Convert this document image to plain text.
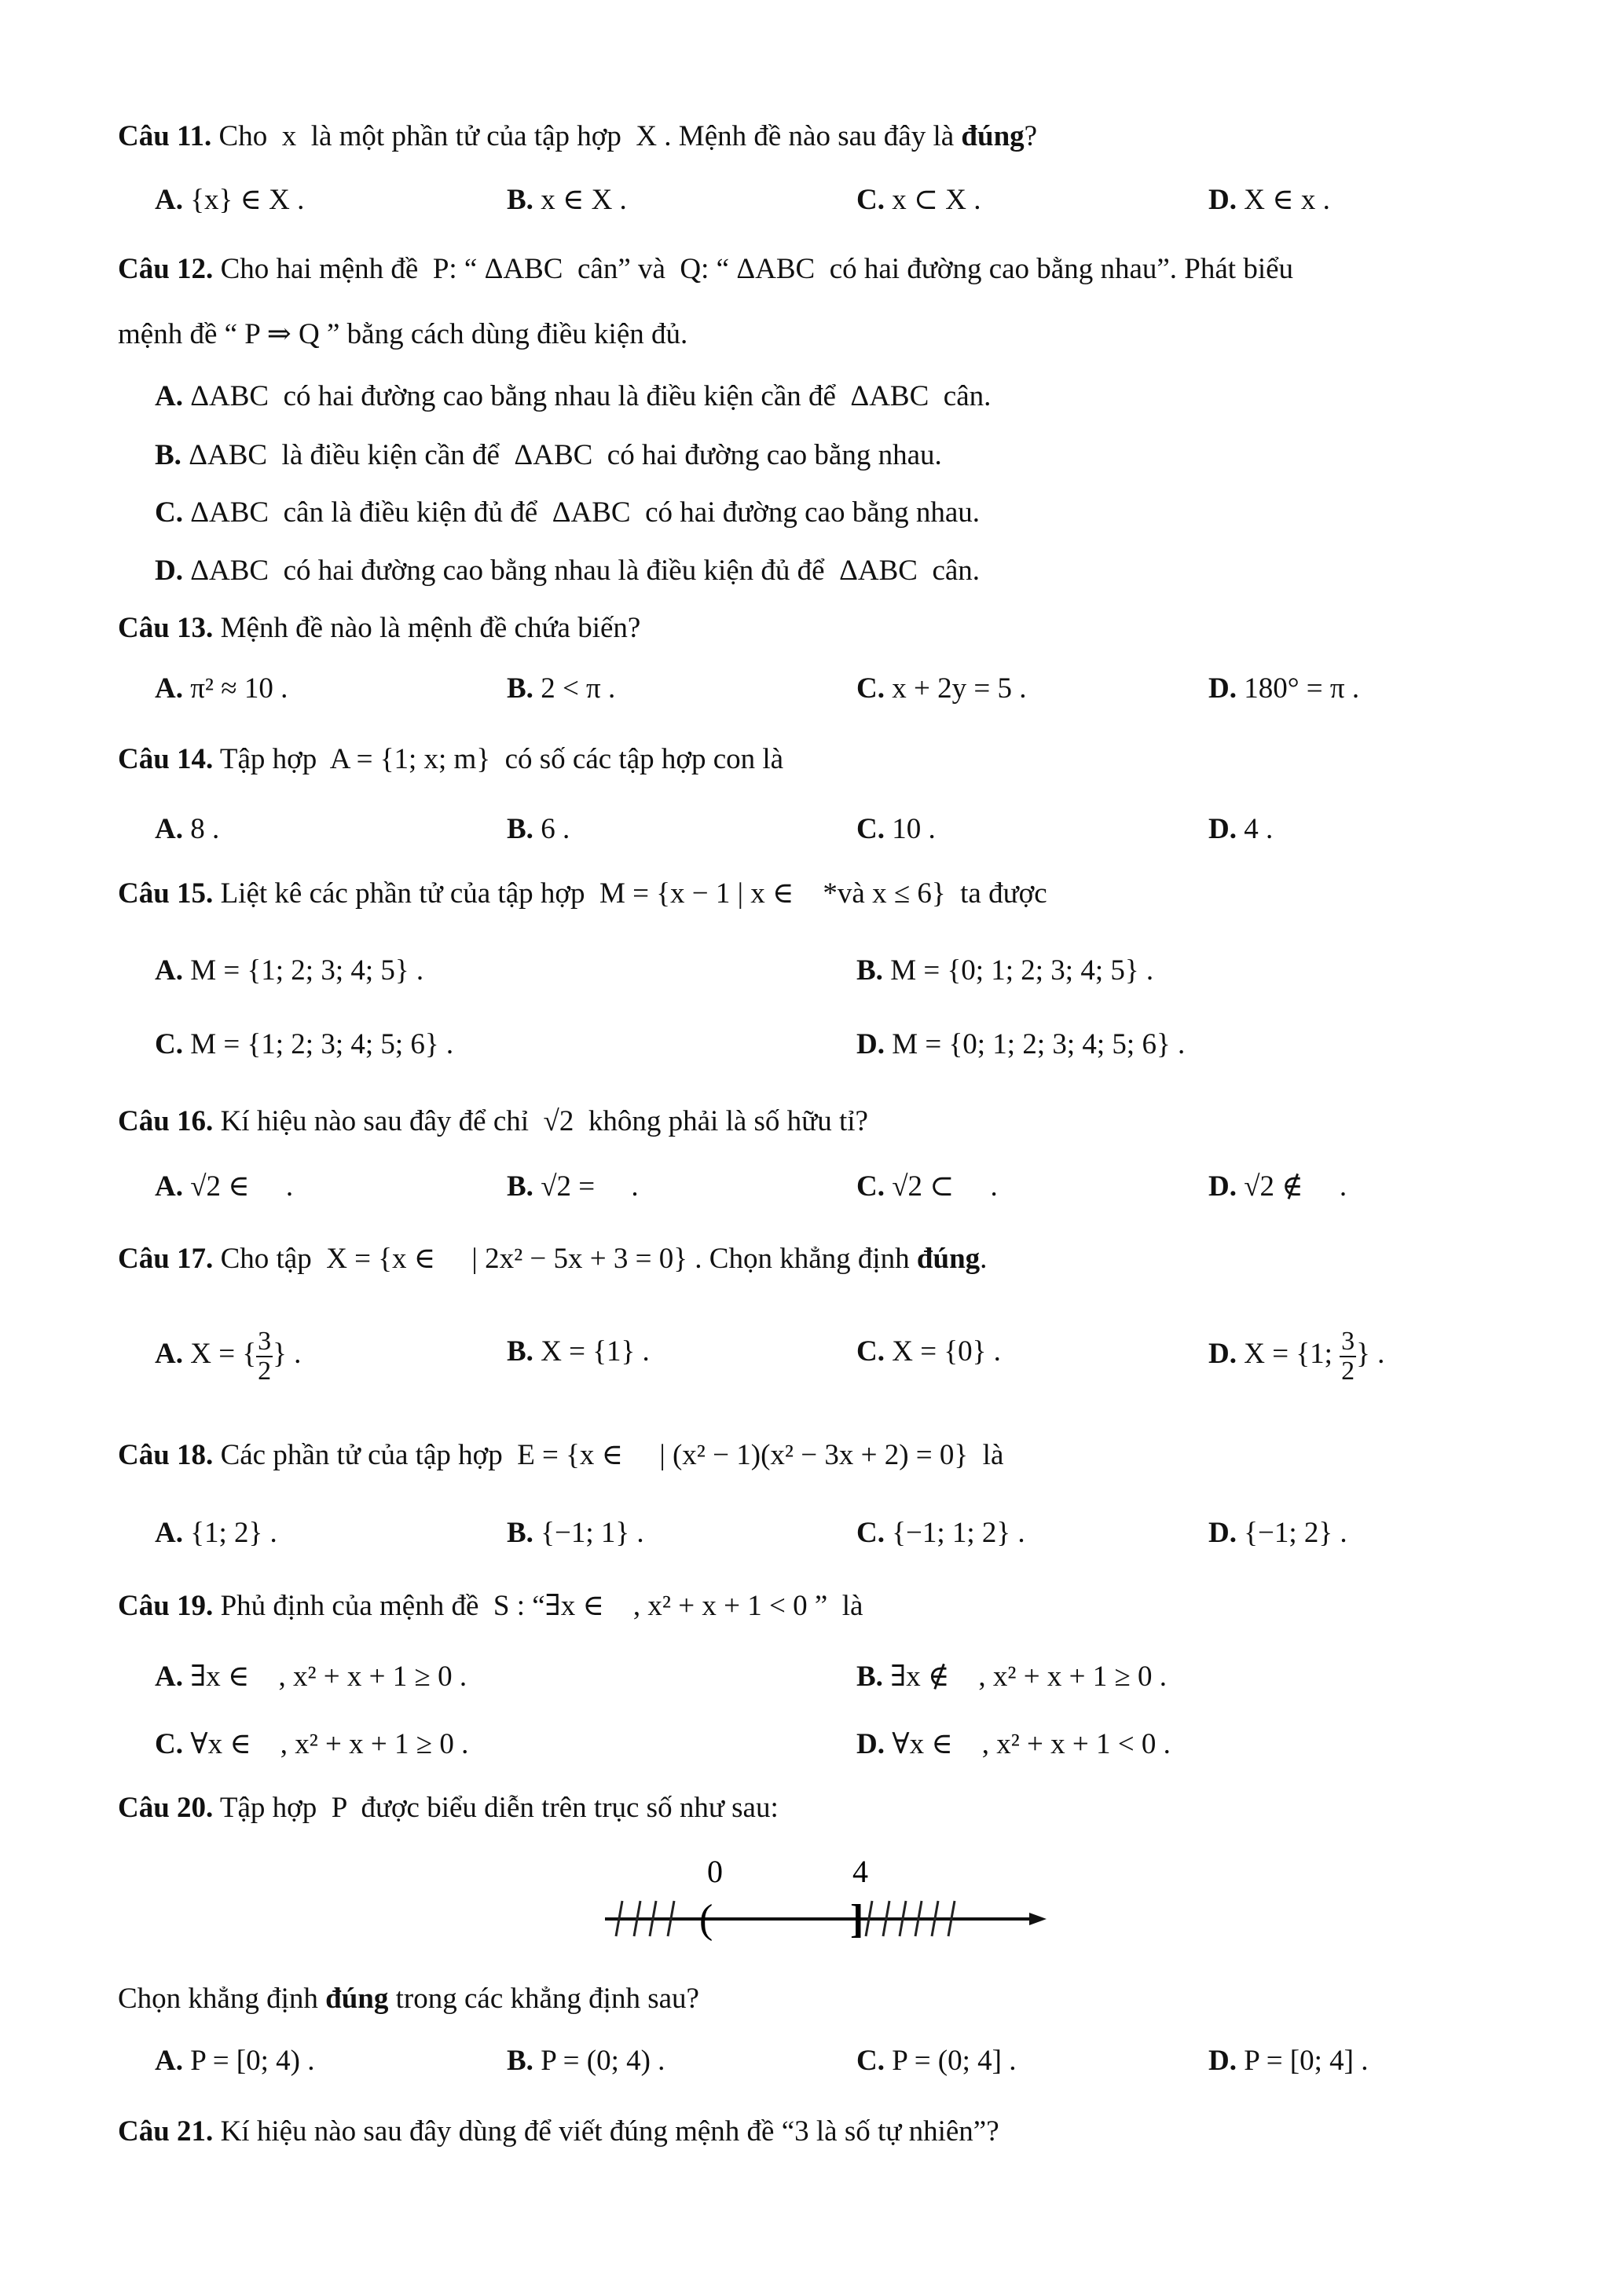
Câu 11. Cho  x  là một phần tử của tập hợp  X . Mệnh đề nào sau đây là đúng?
A. {x} ∈ X .	B. x ∈ X .	C. x ⊂ X .	D. X ∈ x .
Câu 12. Cho hai mệnh đề  P: “ ΔABC  cân” và  Q: “ ΔABC  có hai đường cao bằng nhau”. Phát biểu
mệnh đề “ P ⇒ Q ” bằng cách dùng điều kiện đủ.
A. ΔABC  có hai đường cao bằng nhau là điều kiện cần để  ΔABC  cân.
B. ΔABC  là điều kiện cần để  ΔABC  có hai đường cao bằng nhau.
C. ΔABC  cân là điều kiện đủ để  ΔABC  có hai đường cao bằng nhau.
D. ΔABC  có hai đường cao bằng nhau là điều kiện đủ để  ΔABC  cân.
Câu 13. Mệnh đề nào là mệnh đề chứa biến?
A. π² ≈ 10 .	B. 2 < π .	C. x + 2y = 5 .	D. 180° = π .
Câu 14. Tập hợp  A = {1; x; m}  có số các tập hợp con là
A. 8 .	B. 6 .	C. 10 .	D. 4 .
Câu 15. Liệt kê các phần tử của tập hợp  M = {x − 1 | x ∈    *và x ≤ 6}  ta được
A. M = {1; 2; 3; 4; 5} .	B. M = {0; 1; 2; 3; 4; 5} .
C. M = {1; 2; 3; 4; 5; 6} .	D. M = {0; 1; 2; 3; 4; 5; 6} .
Câu 16. Kí hiệu nào sau đây để chỉ  √2  không phải là số hữu tỉ?
A. √2 ∈     .	B. √2 =     .	C. √2 ⊂     .	D. √2 ∉     .
Câu 17. Cho tập  X = {x ∈     | 2x² − 5x + 3 = 0} . Chọn khẳng định đúng.
A. X = { $\frac{3}{2}$ } .	B. X = {1} .	C. X = {0} .	D. X = {1; $\frac{3}{2}$ } .
Câu 18. Các phần tử của tập hợp  E = {x ∈     | (x² − 1)(x² − 3x + 2) = 0}  là
A. {1; 2} .	B. {−1; 1} .	C. {−1; 1; 2} .	D. {−1; 2} .
Câu 19. Phủ định của mệnh đề  S : “∃x ∈    , x² + x + 1 < 0 ”  là
A. ∃x ∈    , x² + x + 1 ≥ 0 .	B. ∃x ∉    , x² + x + 1 ≥ 0 .
C. ∀x ∈    , x² + x + 1 ≥ 0 .	D. ∀x ∈    , x² + x + 1 < 0 .
Câu 20. Tập hợp  P  được biểu diễn trên trục số như sau:
0	4
(	]
Chọn khẳng định đúng trong các khẳng định sau?
A. P = [0; 4) .	B. P = (0; 4) .	C. P = (0; 4] .	D. P = [0; 4] .
Câu 21. Kí hiệu nào sau đây dùng để viết đúng mệnh đề “3 là số tự nhiên”?
